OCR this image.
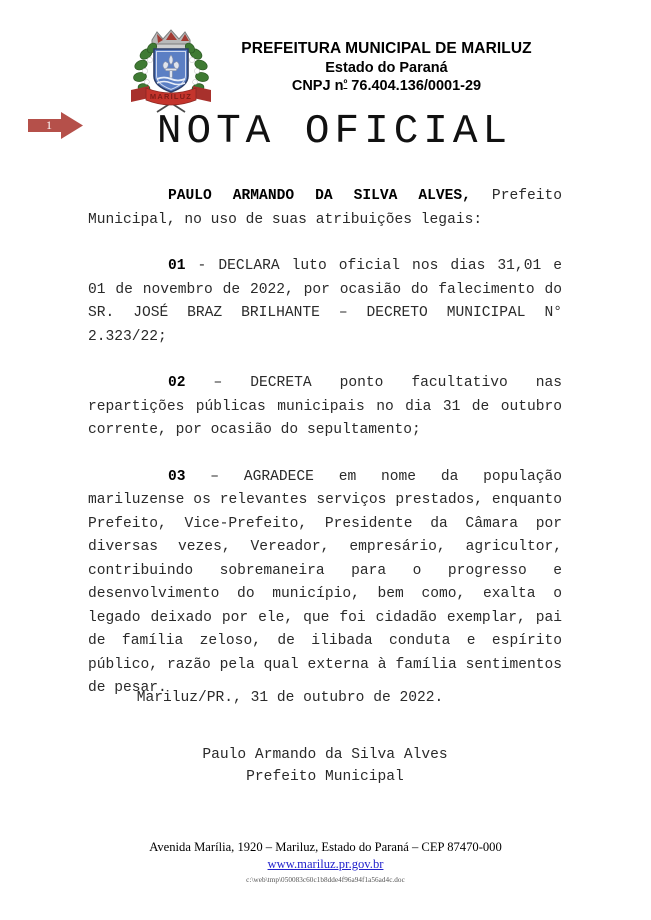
MARILUZ
PREFEITURA MUNICIPAL DE MARILUZ
Estado do Paraná
CNPJ $n^º$ 76.404.136/0001-29
1	NOTA OFICIAL

PAULO ARMANDO DA SILVA ALVES, Prefeito Municipal, no uso de suas atribuições legais:

01 - DECLARA luto oficial nos dias 31,01 e 01 de novembro de 2022, por ocasião do falecimento do SR. JOSÉ BRAZ BRILHANTE – DECRETO MUNICIPAL N° 2.323/22;

02 – DECRETA ponto facultativo nas repartições públicas municipais no dia 31 de outubro corrente, por ocasião do sepultamento;

03 – AGRADECE em nome da população mariluzense os relevantes serviços prestados, enquanto Prefeito, Vice-Prefeito, Presidente da Câmara por diversas vezes, Vereador, empresário, agricultor, contribuindo sobremaneira para o progresso e desenvolvimento do município, bem como, exalta o legado deixado por ele, que foi cidadão exemplar, pai de família zeloso, de ilibada conduta e espírito público, razão pela qual externa à família sentimentos de pesar.

Mariluz/PR., 31 de outubro de 2022.
Paulo Armando da Silva Alves
Prefeito Municipal
Avenida Marília, 1920 – Mariluz, Estado do Paraná – CEP 87470-000
www.mariluz.pr.gov.br
c:\web\tmp\050083c60c1b8dde4f96a94f1a56ad4c.doc
